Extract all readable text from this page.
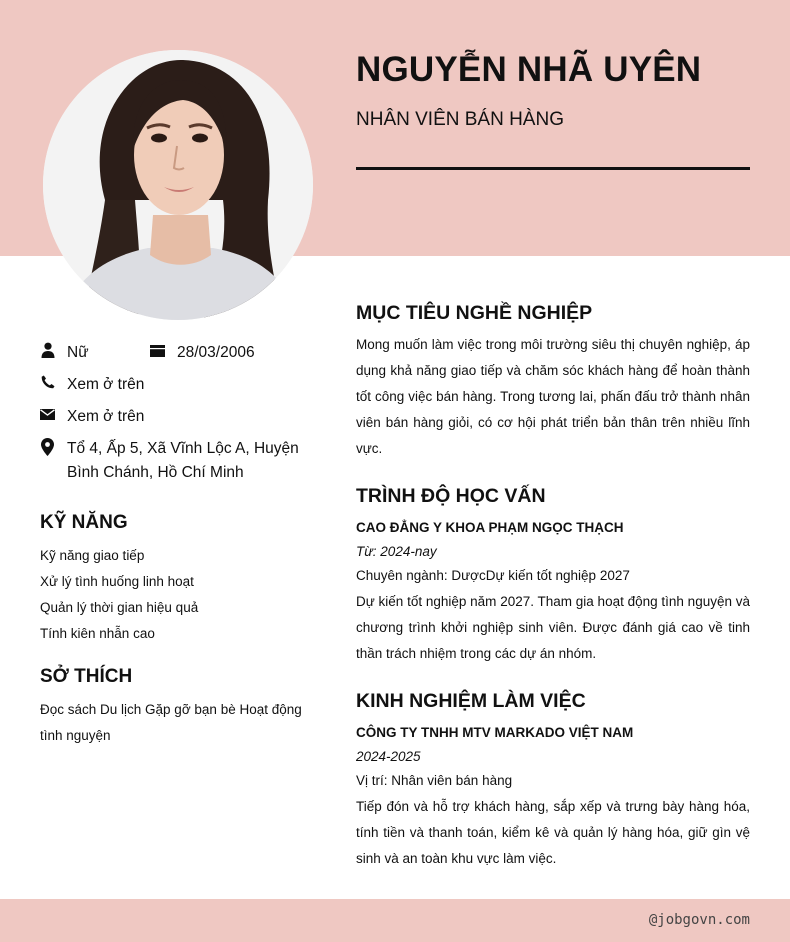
NGUYỄN NHÃ UYÊN
NHÂN VIÊN BÁN HÀNG
Nữ	28/03/2006
Xem ở trên
Xem ở trên
Tổ 4, Ấp 5, Xã Vĩnh Lộc A, Huyện Bình Chánh, Hồ Chí Minh
KỸ NĂNG
Kỹ năng giao tiếp
Xử lý tình huống linh hoạt
Quản lý thời gian hiệu quả
Tính kiên nhẫn cao
SỞ THÍCH
Đọc sách Du lịch Gặp gỡ bạn bè Hoạt động tình nguyện
MỤC TIÊU NGHỀ NGHIỆP
Mong muốn làm việc trong môi trường siêu thị chuyên nghiệp, áp dụng khả năng giao tiếp và chăm sóc khách hàng để hoàn thành tốt công việc bán hàng. Trong tương lai, phấn đấu trở thành nhân viên bán hàng giỏi, có cơ hội phát triển bản thân trên nhiều lĩnh vực.
TRÌNH ĐỘ HỌC VẤN
CAO ĐẲNG Y KHOA PHẠM NGỌC THẠCH
Từ: 2024-nay
Chuyên ngành: DượcDự kiến tốt nghiệp 2027
Dự kiến tốt nghiệp năm 2027. Tham gia hoạt động tình nguyện và chương trình khởi nghiệp sinh viên. Được đánh giá cao về tinh thần trách nhiệm trong các dự án nhóm.
KINH NGHIỆM LÀM VIỆC
CÔNG TY TNHH MTV MARKADO VIỆT NAM
2024-2025
Vị trí: Nhân viên bán hàng
Tiếp đón và hỗ trợ khách hàng, sắp xếp và trưng bày hàng hóa, tính tiền và thanh toán, kiểm kê và quản lý hàng hóa, giữ gìn vệ sinh và an toàn khu vực làm việc.
@jobgovn.com
